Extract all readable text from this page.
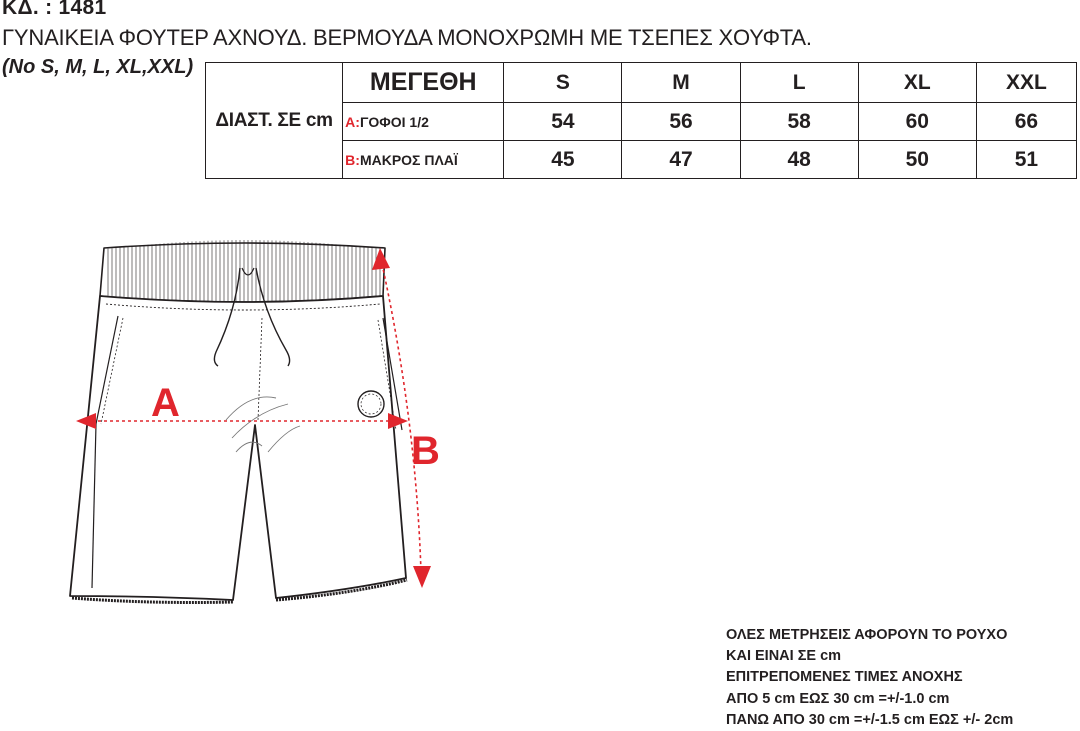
ΚΔ. : 1481
ΓΥΝΑΙΚΕΙΑ ΦΟΥΤΕΡ ΑΧΝΟΥΔ. ΒΕΡΜΟΥΔΑ ΜΟΝΟΧΡΩΜΗ ΜΕ ΤΣΕΠΕΣ ΧΟΥΦΤΑ.
(No S, M, L, XL,XXL)
ΔΙΑΣΤ. ΣΕ cm	ΜΕΓΕΘΗ	S	M	L	XL	XXL
	A:ΓΟΦΟΙ 1/2	54	56	58	60	66
	B:ΜΑΚΡΟΣ ΠΛΑΪ	45	47	48	50	51
A
B
ΟΛΕΣ ΜΕΤΡΗΣΕΙΣ ΑΦΟΡΟΥΝ ΤΟ ΡΟΥΧΟ
ΚΑΙ ΕΙΝΑΙ ΣΕ cm
ΕΠΙΤΡΕΠΟΜΕΝΕΣ ΤΙΜΕΣ ΑΝΟΧΗΣ
ΑΠΟ 5 cm ΕΩΣ 30 cm =+/-1.0 cm
ΠΑΝΩ ΑΠΟ 30 cm =+/-1.5 cm ΕΩΣ +/- 2cm
